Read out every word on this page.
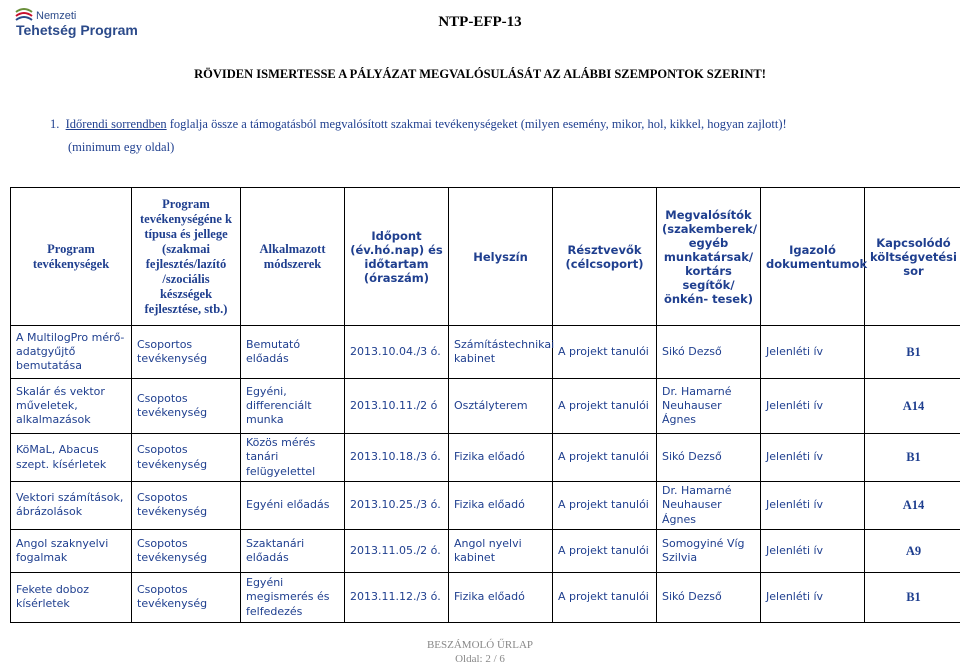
Nemzeti
Tehetség Program	NTP-EFP-13
RÖVIDEN ISMERTESSE A PÁLYÁZAT MEGVALÓSULÁSÁT AZ ALÁBBI SZEMPONTOK SZERINT!
1. Időrendi sorrendben foglalja össze a támogatásból megvalósított szakmai tevékenységeket (milyen esemény, mikor, hol, kikkel, hogyan zajlott)!
(minimum egy oldal)
Program tevékenységek	Program tevékenységéne k típusa és jellege (szakmai fejlesztés/lazító /szociális készségek fejlesztése, stb.)	Alkalmazott módszerek	Időpont (év.hó.nap) és időtartam (óraszám)	Helyszín	Résztvevők (célcsoport)	Megvalósítók (szakemberek/ egyéb munkatársak/ kortárs segítők/önkén- tesek)	Igazoló dokumentumok	Kapcsolódó költségvetési sor
A MultilogPro mérő-adatgyűjtő bemutatása	Csoportos tevékenység	Bemutató előadás	2013.10.04./3 ó.	Számítástechnikai kabinet	A projekt tanulói	Sikó Dezső	Jelenléti ív	B1
Skalár és vektor műveletek, alkalmazások	Csopotos tevékenység	Egyéni, differenciált munka	2013.10.11./2 ó	Osztályterem	A projekt tanulói	Dr. Hamarné Neuhauser Ágnes	Jelenléti ív	A14
KöMaL, Abacus szept. kísérletek	Csopotos tevékenység	Közös mérés tanári felügyelettel	2013.10.18./3 ó.	Fizika előadó	A projekt tanulói	Sikó Dezső	Jelenléti ív	B1
Vektori számítások, ábrázolások	Csopotos tevékenység	Egyéni előadás	2013.10.25./3 ó.	Fizika előadó	A projekt tanulói	Dr. Hamarné Neuhauser Ágnes	Jelenléti ív	A14
Angol szaknyelvi fogalmak	Csopotos tevékenység	Szaktanári előadás	2013.11.05./2 ó.	Angol nyelvi kabinet	A projekt tanulói	Somogyiné Víg Szilvia	Jelenléti ív	A9
Fekete doboz kísérletek	Csopotos tevékenység	Egyéni megismerés és felfedezés	2013.11.12./3 ó.	Fizika előadó	A projekt tanulói	Sikó Dezső	Jelenléti ív	B1
BESZÁMOLÓ ŰRLAP
Oldal: 2 / 6
